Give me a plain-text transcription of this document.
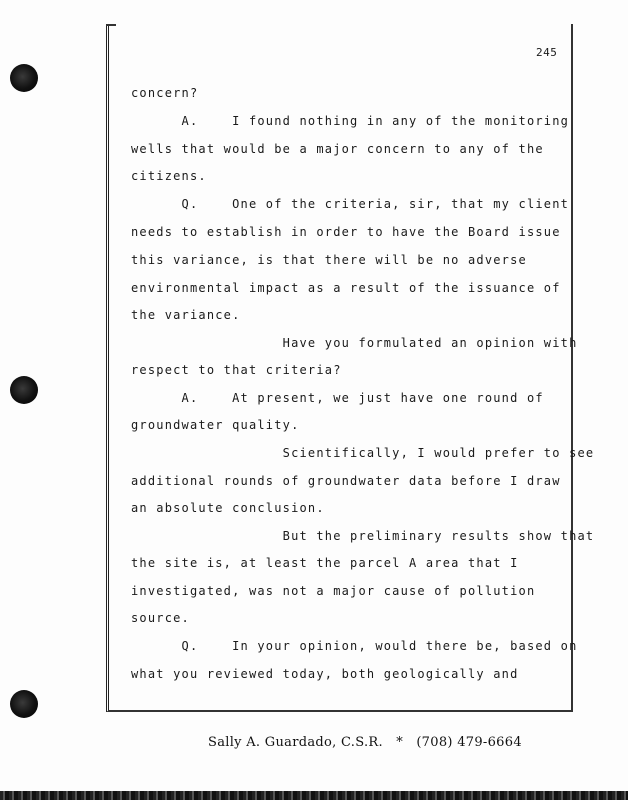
245
concern?
A.    I found nothing in any of the monitoring
wells that would be a major concern to any of the
citizens.
Q.    One of the criteria, sir, that my client
needs to establish in order to have the Board issue
this variance, is that there will be no adverse
environmental impact as a result of the issuance of
the variance.
Have you formulated an opinion with
respect to that criteria?
A.    At present, we just have one round of
groundwater quality.
Scientifically, I would prefer to see
additional rounds of groundwater data before I draw
an absolute conclusion.
But the preliminary results show that
the site is, at least the parcel A area that I
investigated, was not a major cause of pollution
source.
Q.    In your opinion, would there be, based on
what you reviewed today, both geologically and
Sally A. Guardado, C.S.R.   *   (708) 479-6664
